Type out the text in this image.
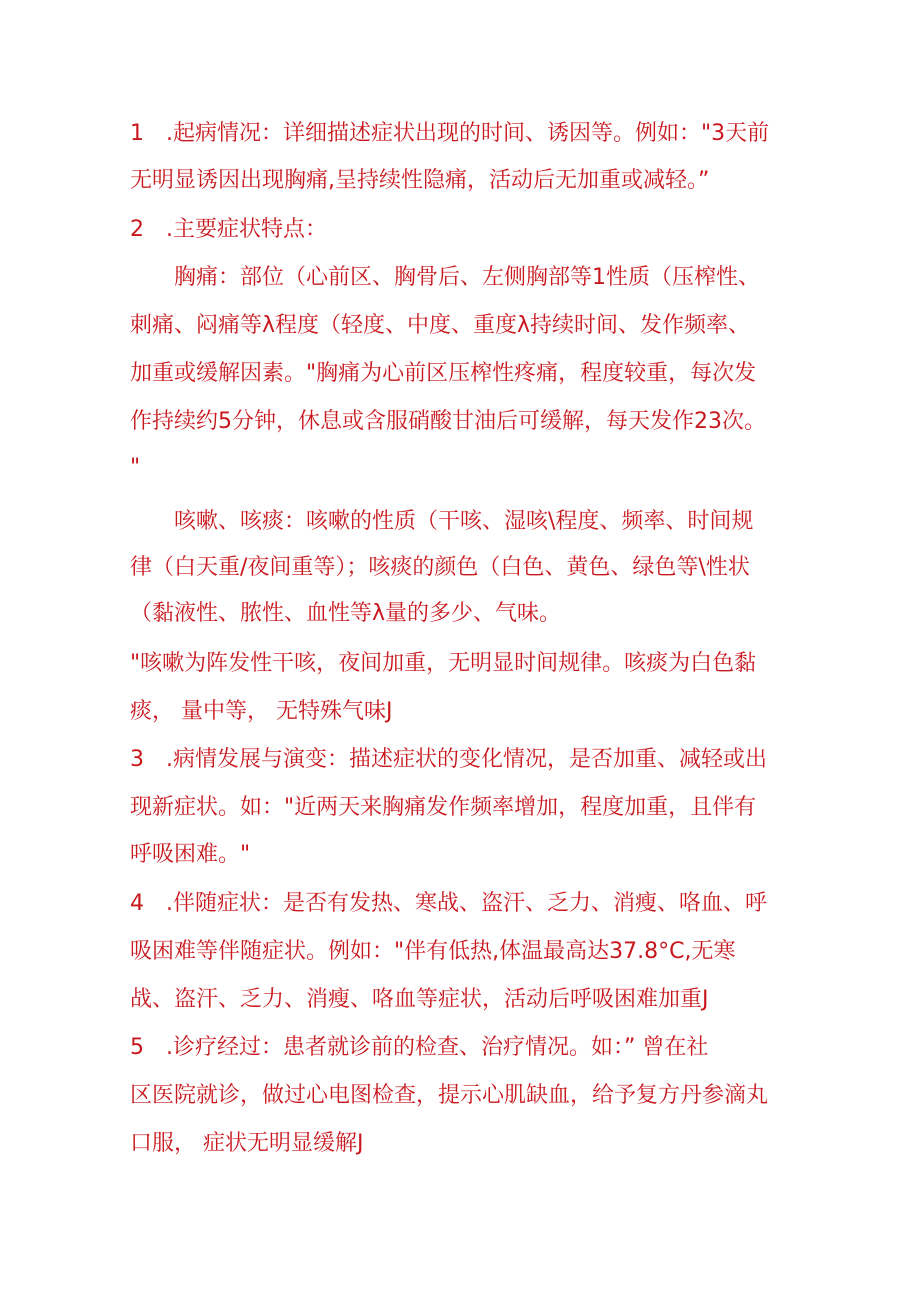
1　.起病情况：详细描述症状出现的时间、诱因等。例如："3天前
无明显诱因出现胸痛,呈持续性隐痛，活动后无加重或减轻。”
2　.主要症状特点：
　　胸痛：部位（心前区、胸骨后、左侧胸部等1性质（压榨性、
刺痛、闷痛等λ程度（轻度、中度、重度λ持续时间、发作频率、
加重或缓解因素。"胸痛为心前区压榨性疼痛，程度较重，每次发
作持续约5分钟，休息或含服硝酸甘油后可缓解，每天发作23次。
"
　　咳嗽、咳痰：咳嗽的性质（干咳、湿咳\程度、频率、时间规
律（白天重/夜间重等）；咳痰的颜色（白色、黄色、绿色等\性状
（黏液性、脓性、血性等λ量的多少、气味。
"咳嗽为阵发性干咳，夜间加重，无明显时间规律。咳痰为白色黏
痰， 量中等， 无特殊气味J
3　.病情发展与演变：描述症状的变化情况，是否加重、减轻或出
现新症状。如："近两天来胸痛发作频率增加，程度加重，且伴有
呼吸困难。"
4　.伴随症状：是否有发热、寒战、盗汗、乏力、消瘦、咯血、呼
吸困难等伴随症状。例如："伴有低热,体温最高达37.8°C,无寒
战、盗汗、乏力、消瘦、咯血等症状，活动后呼吸困难加重J
5　.诊疗经过：患者就诊前的检查、治疗情况。如：” 曾在社
区医院就诊，做过心电图检查，提示心肌缺血，给予复方丹参滴丸
口服， 症状无明显缓解J
